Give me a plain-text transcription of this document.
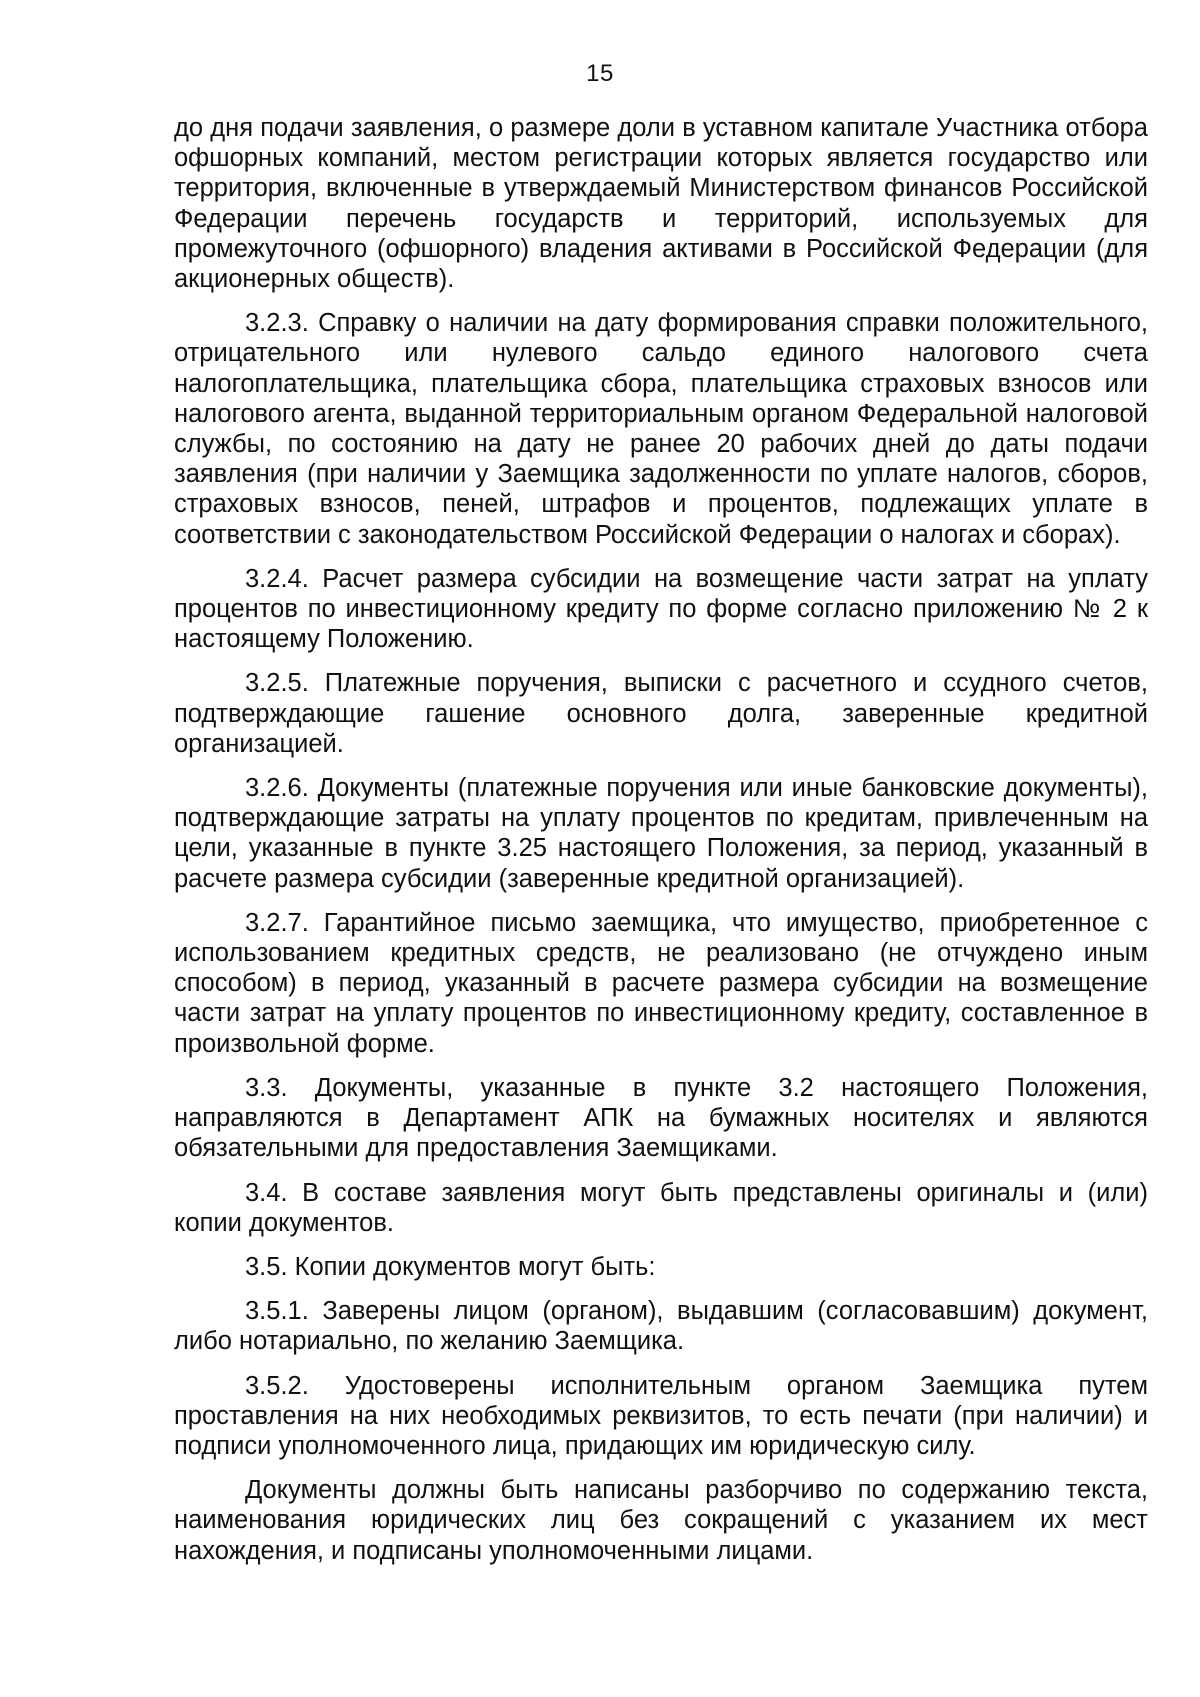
15

до дня подачи заявления, о размере доли в уставном капитале Участника отбора офшорных компаний, местом регистрации которых является государство или территория, включенные в утверждаемый Министерством финансов Российской Федерации перечень государств и территорий, используемых для промежуточного (офшорного) владения активами в Российской Федерации (для акционерных обществ).

3.2.3. Справку о наличии на дату формирования справки положительного, отрицательного или нулевого сальдо единого налогового счета налогоплательщика, плательщика сбора, плательщика страховых взносов или налогового агента, выданной территориальным органом Федеральной налоговой службы, по состоянию на дату не ранее 20 рабочих дней до даты подачи заявления (при наличии у Заемщика задолженности по уплате налогов, сборов, страховых взносов, пеней, штрафов и процентов, подлежащих уплате в соответствии с законодательством Российской Федерации о налогах и сборах).

3.2.4. Расчет размера субсидии на возмещение части затрат на уплату процентов по инвестиционному кредиту по форме согласно приложению № 2 к настоящему Положению.

3.2.5. Платежные поручения, выписки с расчетного и ссудного счетов, подтверждающие гашение основного долга, заверенные кредитной организацией.

3.2.6. Документы (платежные поручения или иные банковские документы), подтверждающие затраты на уплату процентов по кредитам, привлеченным на цели, указанные в пункте 3.25 настоящего Положения, за период, указанный в расчете размера субсидии (заверенные кредитной организацией).

3.2.7. Гарантийное письмо заемщика, что имущество, приобретенное с использованием кредитных средств, не реализовано (не отчуждено иным способом) в период, указанный в расчете размера субсидии на возмещение части затрат на уплату процентов по инвестиционному кредиту, составленное в произвольной форме.

3.3. Документы, указанные в пункте 3.2 настоящего Положения, направляются в Департамент АПК на бумажных носителях и являются обязательными для предоставления Заемщиками.

3.4. В составе заявления могут быть представлены оригиналы и (или) копии документов.

3.5. Копии документов могут быть:

3.5.1. Заверены лицом (органом), выдавшим (согласовавшим) документ, либо нотариально, по желанию Заемщика.

3.5.2. Удостоверены исполнительным органом Заемщика путем проставления на них необходимых реквизитов, то есть печати (при наличии) и подписи уполномоченного лица, придающих им юридическую силу.

Документы должны быть написаны разборчиво по содержанию текста, наименования юридических лиц без сокращений с указанием их мест нахождения, и подписаны уполномоченными лицами.
